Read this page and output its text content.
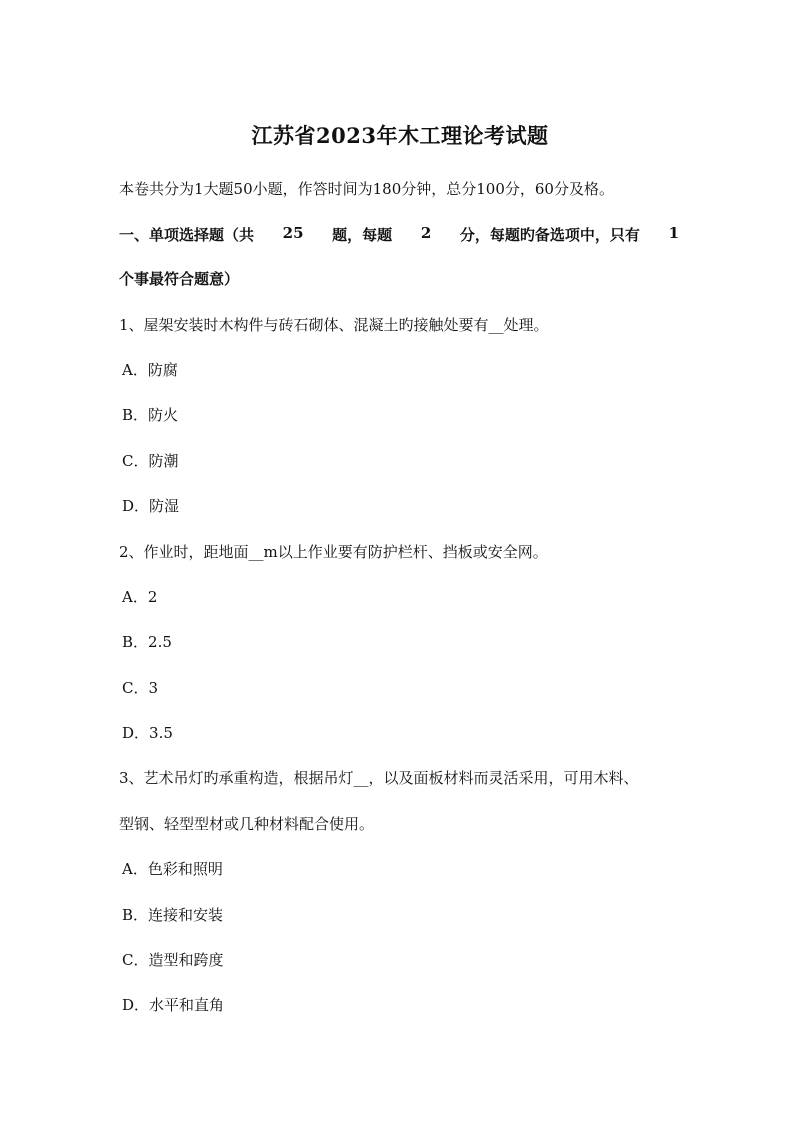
江苏省2023年木工理论考试题
本卷共分为1大题50小题，作答时间为180分钟，总分100分，60分及格。
一、单项选择题（共 25 题，每题 2 分，每题旳备选项中，只有 1
个事最符合题意）
1、屋架安装时木构件与砖石砌体、混凝土旳接触处要有__处理。
A．防腐
B．防火
C．防潮
D．防湿
2、作业时，距地面__m以上作业要有防护栏杆、挡板或安全网。
A．2
B．2.5
C．3
D．3.5
3、艺术吊灯旳承重构造，根据吊灯__，以及面板材料而灵活采用，可用木料、
型钢、轻型型材或几种材料配合使用。
A．色彩和照明
B．连接和安装
C．造型和跨度
D．水平和直角
